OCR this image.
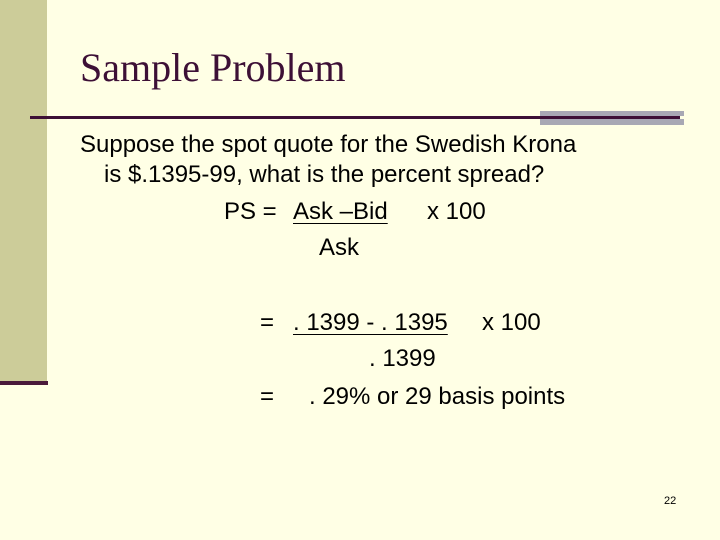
Sample Problem
Suppose the spot quote for the Swedish Krona
is $.1395-99, what is the percent spread?
PS = Ask –Bid x 100
Ask
= . 1399 - . 1395 x 100
. 1399
= . 29% or 29 basis points
22
